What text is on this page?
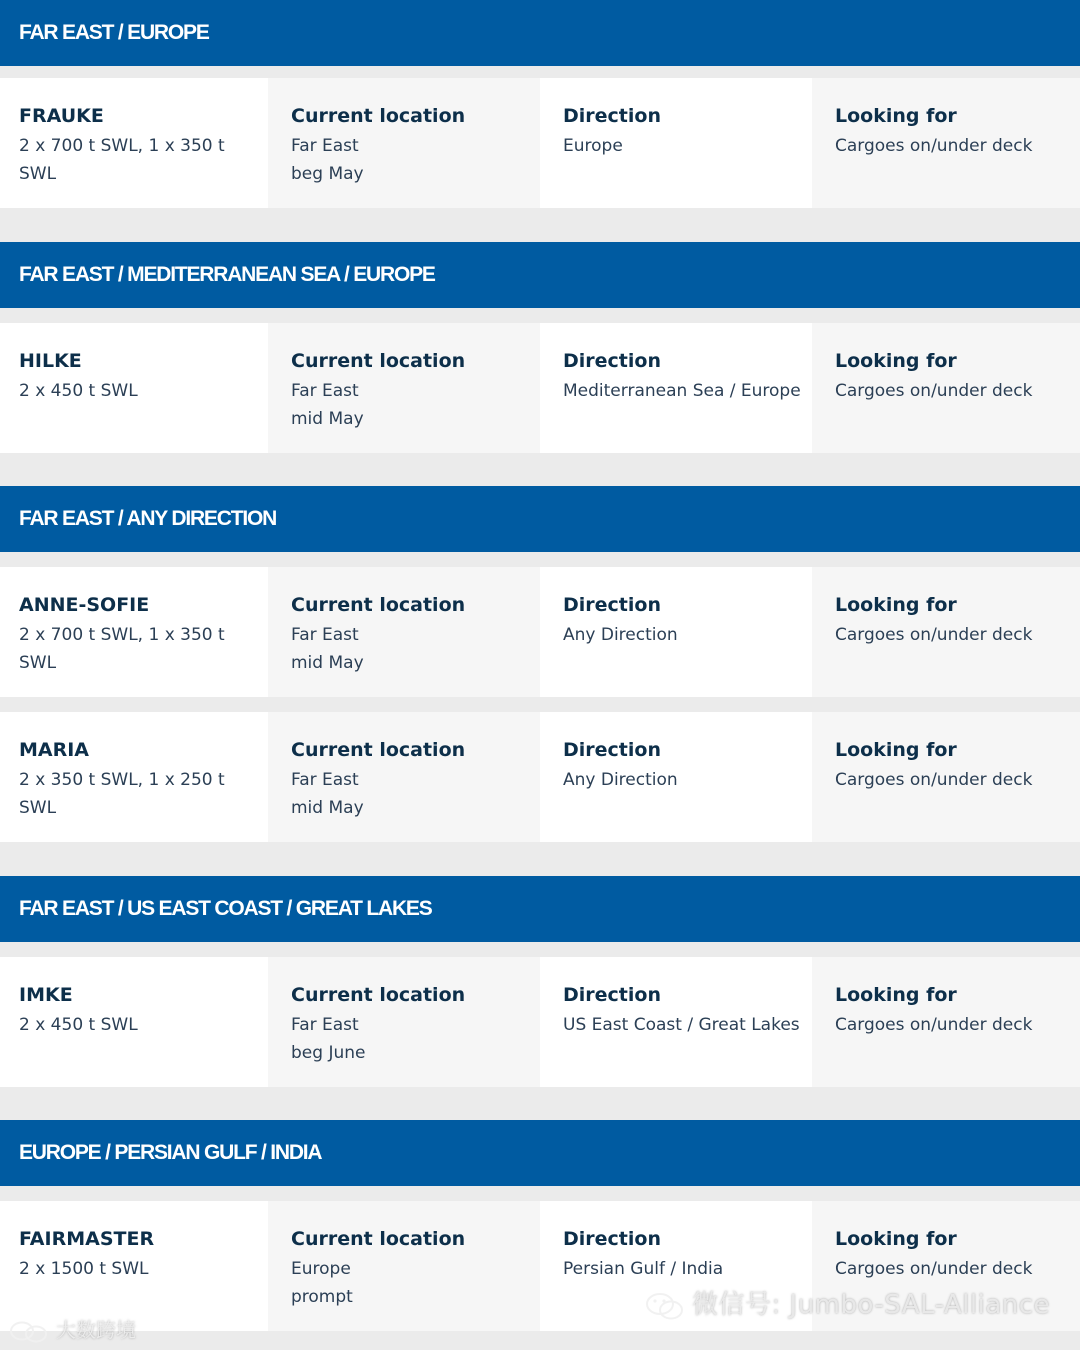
FAR EAST / EUROPE
FRAUKE
2 x 700 t SWL, 1 x 350 t SWL
Current location
Far East
beg May
Direction
Europe
Looking for
Cargoes on/under deck
FAR EAST / MEDITERRANEAN SEA / EUROPE
HILKE
2 x 450 t SWL
Current location
Far East
mid May
Direction
Mediterranean Sea / Europe
Looking for
Cargoes on/under deck
FAR EAST / ANY DIRECTION
ANNE-SOFIE
2 x 700 t SWL, 1 x 350 t SWL
Current location
Far East
mid May
Direction
Any Direction
Looking for
Cargoes on/under deck
MARIA
2 x 350 t SWL, 1 x 250 t SWL
Current location
Far East
mid May
Direction
Any Direction
Looking for
Cargoes on/under deck
FAR EAST / US EAST COAST / GREAT LAKES
IMKE
2 x 450 t SWL
Current location
Far East
beg June
Direction
US East Coast / Great Lakes
Looking for
Cargoes on/under deck
EUROPE / PERSIAN GULF / INDIA
FAIRMASTER
2 x 1500 t SWL
Current location
Europe
prompt
Direction
Persian Gulf / India
Looking for
Cargoes on/under deck
微信号: Jumbo-SAL-Alliance
大数跨境
